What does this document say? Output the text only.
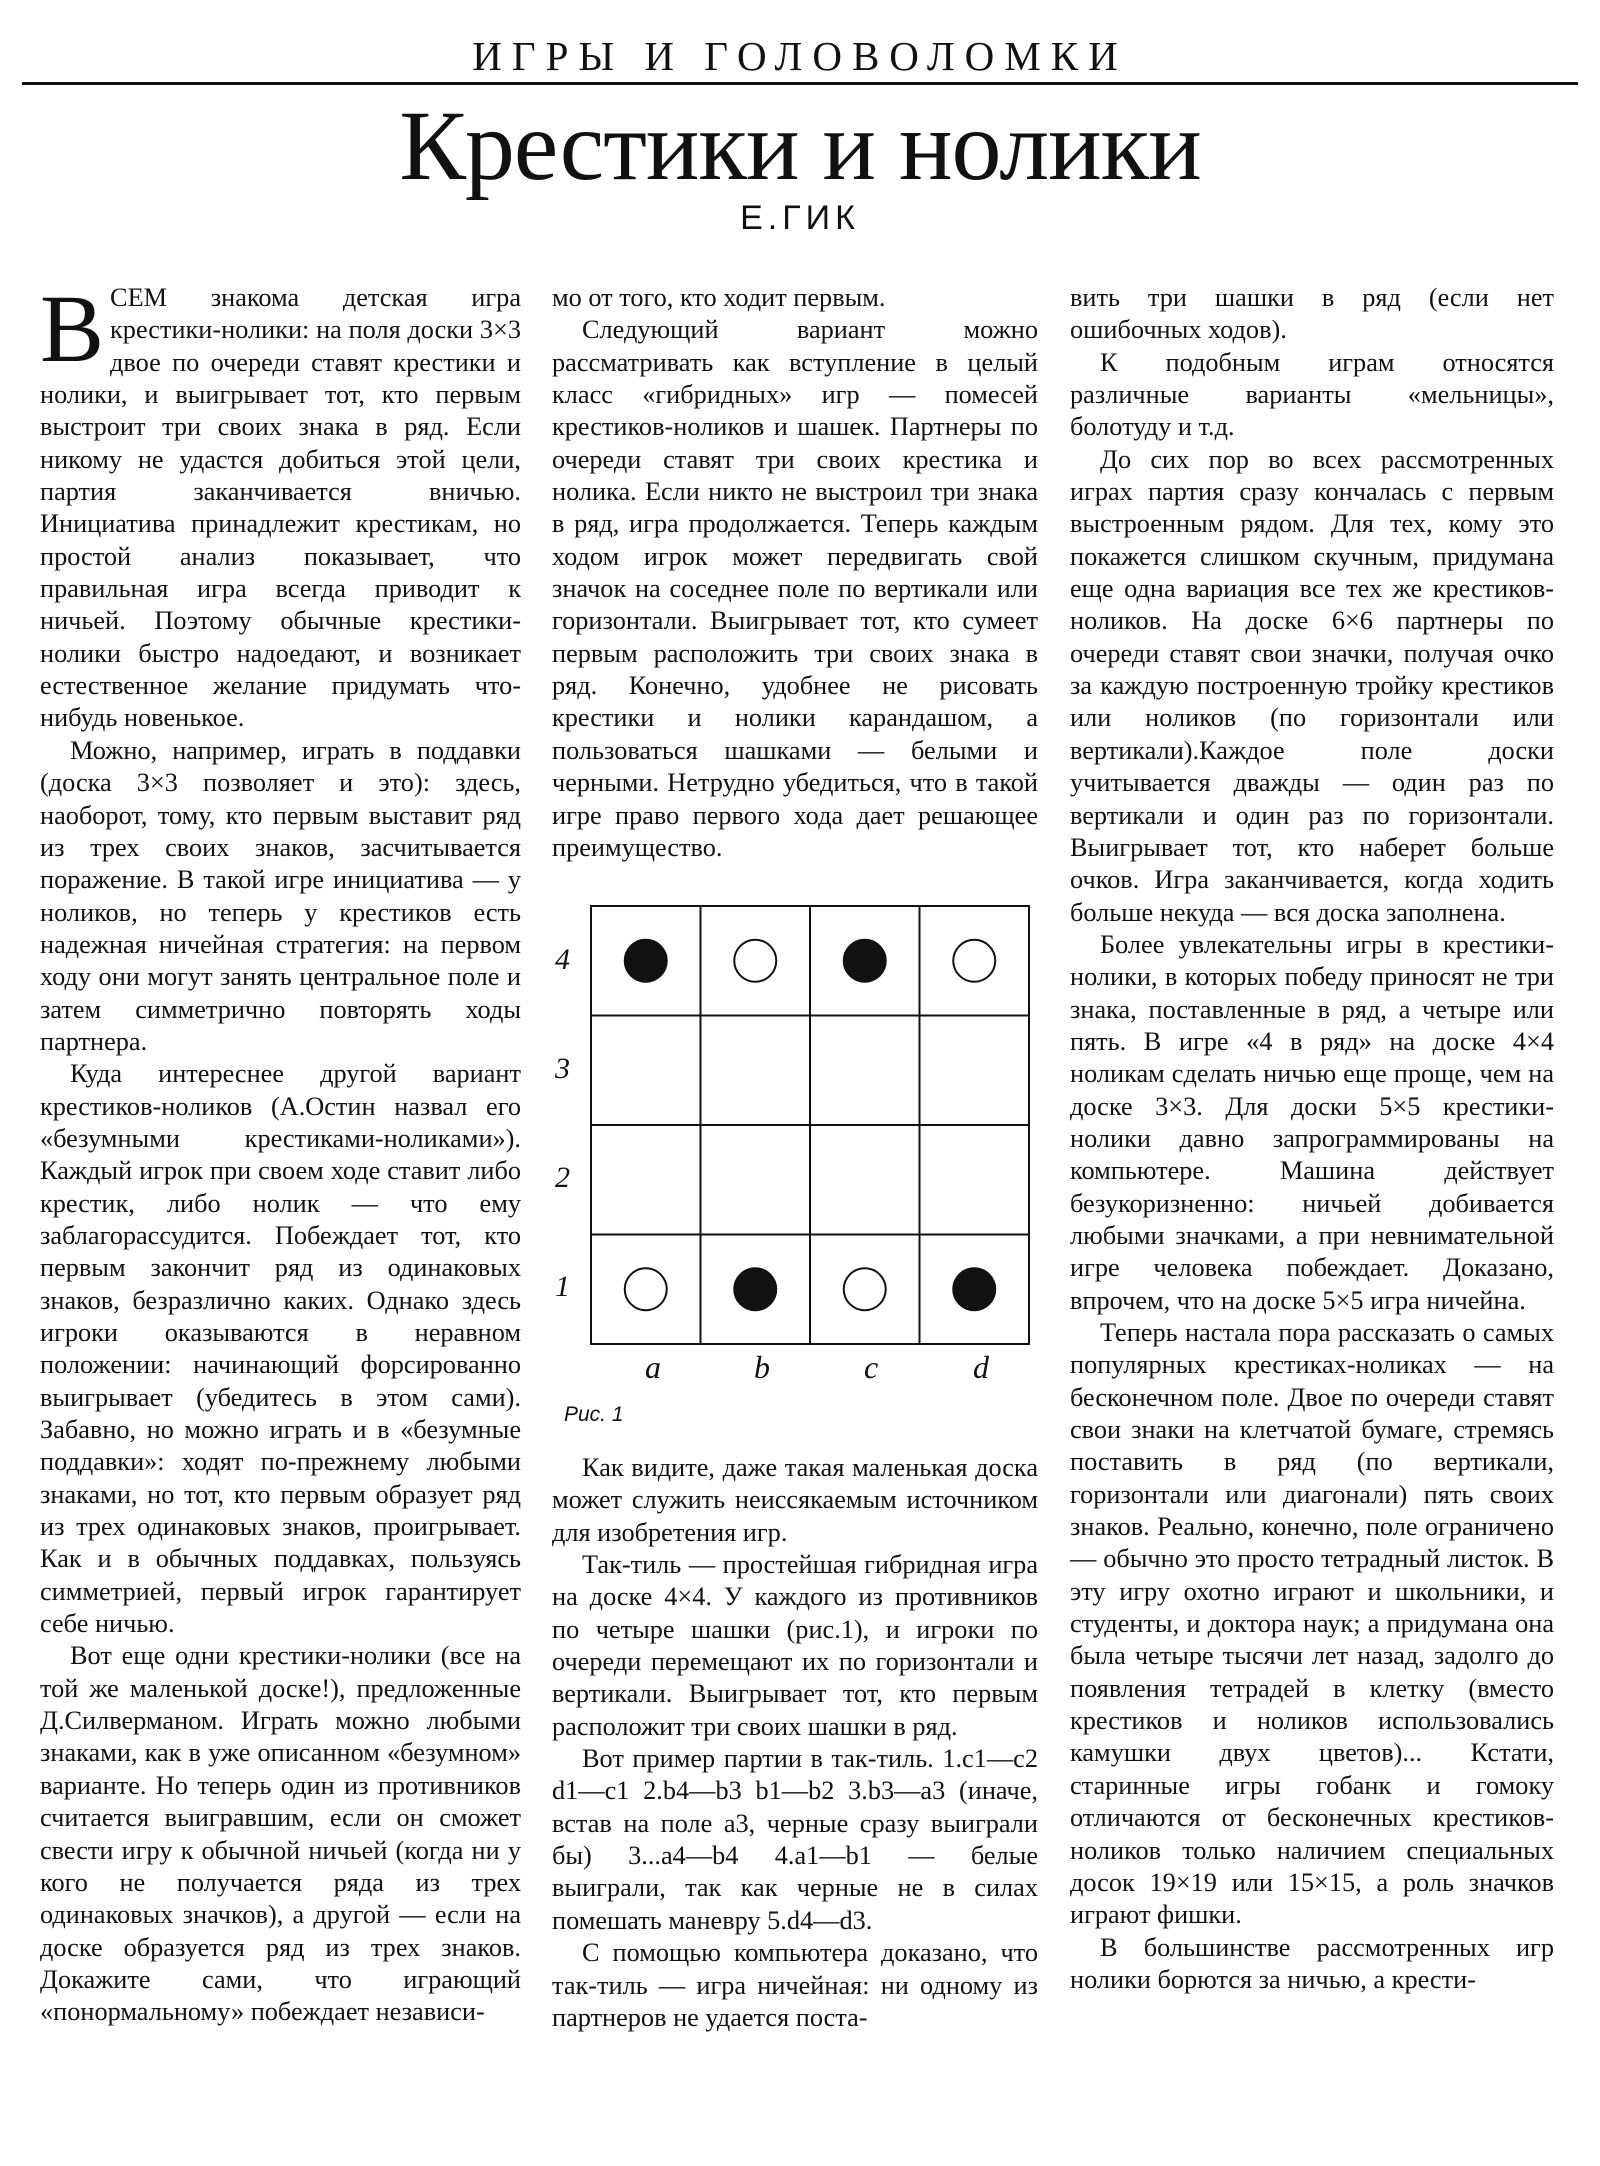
ИГРЫ И ГОЛОВОЛОМКИ
Крестики и нолики
Е.ГИК

ВСЕМ знакома детская игра крестики-нолики: на поля доски 3×3 двое по очереди ставят крестики и нолики, и выигрывает тот, кто первым выстроит три своих знака в ряд. Если никому не удастся добиться этой цели, партия заканчивается вничью. Инициатива принадлежит крестикам, но простой анализ показывает, что правильная игра всегда приводит к ничьей. Поэтому обычные крестики-нолики быстро надоедают, и возникает естественное желание придумать что-нибудь новенькое.

Можно, например, играть в поддавки (доска 3×3 позволяет и это): здесь, наоборот, тому, кто первым выставит ряд из трех своих знаков, засчитывается поражение. В такой игре инициатива — у ноликов, но теперь у крестиков есть надежная ничейная стратегия: на первом ходу они могут занять центральное поле и затем симметрично повторять ходы партнера.

Куда интереснее другой вариант крестиков-ноликов (А.Остин назвал его «безумными крестиками-ноликами»). Каждый игрок при своем ходе ставит либо крестик, либо нолик — что ему заблагорассудится. Побеждает тот, кто первым закончит ряд из одинаковых знаков, безразлично каких. Однако здесь игроки оказываются в неравном положении: начинающий форсированно выигрывает (убедитесь в этом сами). Забавно, но можно играть и в «безумные поддавки»: ходят по-прежнему любыми знаками, но тот, кто первым образует ряд из трех одинаковых знаков, проигрывает. Как и в обычных поддавках, пользуясь симметрией, первый игрок гарантирует себе ничью.

Вот еще одни крестики-нолики (все на той же маленькой доске!), предложенные Д.Силверманом. Играть можно любыми знаками, как в уже описанном «безумном» варианте. Но теперь один из противников считается выигравшим, если он сможет свести игру к обычной ничьей (когда ни у кого не получается ряда из трех одинаковых значков), а другой — если на доске образуется ряд из трех знаков. Докажите сами, что играющий «понормальному» побеждает независи-

мо от того, кто ходит первым.

Следующий вариант можно рассматривать как вступление в целый класс «гибридных» игр — помесей крестиков-ноликов и шашек. Партнеры по очереди ставят три своих крестика и нолика. Если никто не выстроил три знака в ряд, игра продолжается. Теперь каждым ходом игрок может передвигать свой значок на соседнее поле по вертикали или горизонтали. Выигрывает тот, кто сумеет первым расположить три своих знака в ряд. Конечно, удобнее не рисовать крестики и нолики карандашом, а пользоваться шашками — белыми и черными. Нетрудно убедиться, что в такой игре право первого хода дает решающее преимущество.

4
3
2
1
a	b	c	d
Рис. 1

Как видите, даже такая маленькая доска может служить неиссякаемым источником для изобретения игр.

Так-тиль — простейшая гибридная игра на доске 4×4. У каждого из противников по четыре шашки (рис.1), и игроки по очереди перемещают их по горизонтали и вертикали. Выигрывает тот, кто первым расположит три своих шашки в ряд.

Вот пример партии в так-тиль. 1.c1—c2 d1—c1 2.b4—b3 b1—b2 3.b3—a3 (иначе, встав на поле a3, черные сразу выиграли бы) 3...a4—b4 4.a1—b1 — белые выиграли, так как черные не в силах помешать маневру 5.d4—d3.

С помощью компьютера доказано, что так-тиль — игра ничейная: ни одному из партнеров не удается поста-

вить три шашки в ряд (если нет ошибочных ходов).

К подобным играм относятся различные варианты «мельницы», болотуду и т.д.

До сих пор во всех рассмотренных играх партия сразу кончалась с первым выстроенным рядом. Для тех, кому это покажется слишком скучным, придумана еще одна вариация все тех же крестиков-ноликов. На доске 6×6 партнеры по очереди ставят свои значки, получая очко за каждую построенную тройку крестиков или ноликов (по горизонтали или вертикали).Каждое поле доски учитывается дважды — один раз по вертикали и один раз по горизонтали. Выигрывает тот, кто наберет больше очков. Игра заканчивается, когда ходить больше некуда — вся доска заполнена.

Более увлекательны игры в крестики-нолики, в которых победу приносят не три знака, поставленные в ряд, а четыре или пять. В игре «4 в ряд» на доске 4×4 ноликам сделать ничью еще проще, чем на доске 3×3. Для доски 5×5 крестики-нолики давно запрограммированы на компьютере. Машина действует безукоризненно: ничьей добивается любыми значками, а при невнимательной игре человека побеждает. Доказано, впрочем, что на доске 5×5 игра ничейна.

Теперь настала пора рассказать о самых популярных крестиках-ноликах — на бесконечном поле. Двое по очереди ставят свои знаки на клетчатой бумаге, стремясь поставить в ряд (по вертикали, горизонтали или диагонали) пять своих знаков. Реально, конечно, поле ограничено — обычно это просто тетрадный листок. В эту игру охотно играют и школьники, и студенты, и доктора наук; а придумана она была четыре тысячи лет назад, задолго до появления тетрадей в клетку (вместо крестиков и ноликов использовались камушки двух цветов)... Кстати, старинные игры гобанк и гомоку отличаются от бесконечных крестиков-ноликов только наличием специальных досок 19×19 или 15×15, а роль значков играют фишки.

В большинстве рассмотренных игр нолики борются за ничью, а крести-
